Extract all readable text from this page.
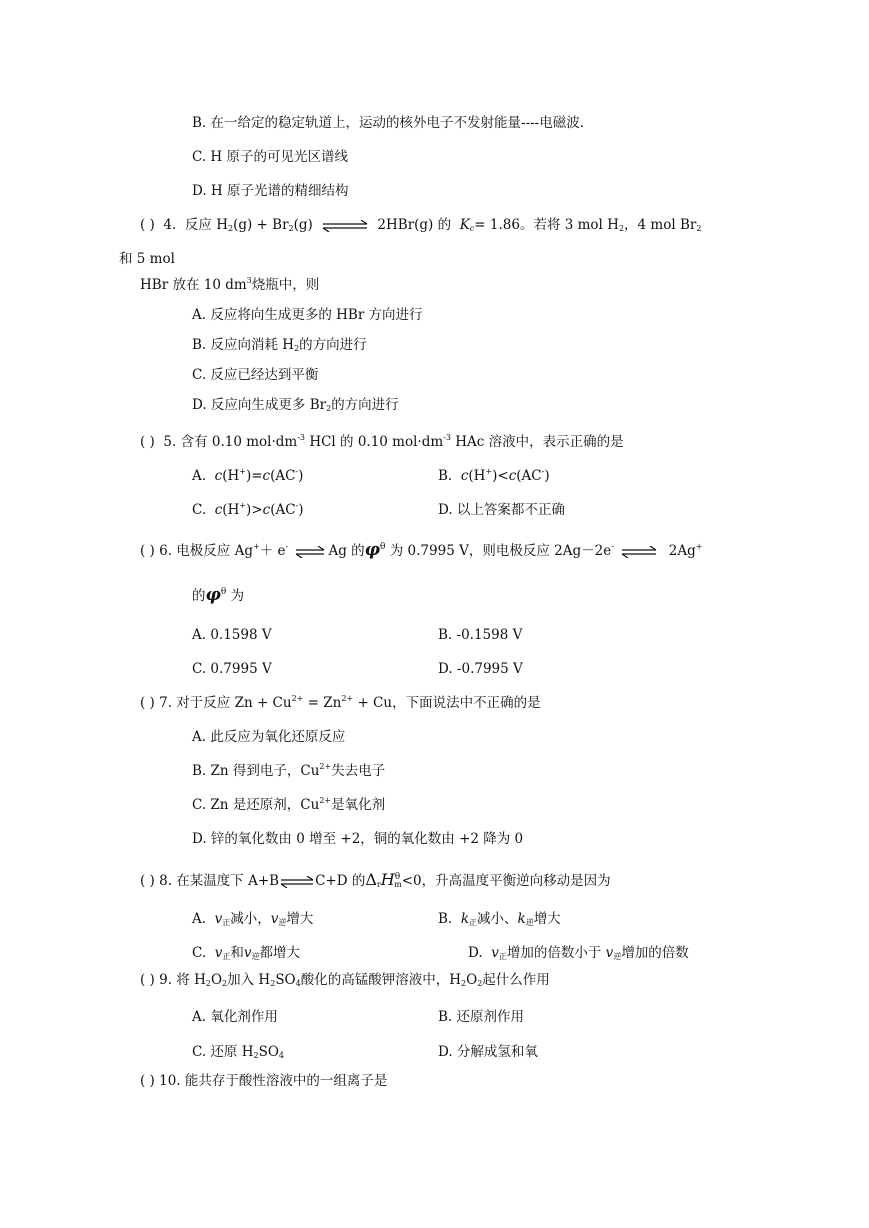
B. 在一给定的稳定轨道上，运动的核外电子不发射能量----电磁波.
C. H 原子的可见光区谱线
D. H 原子光谱的精细结构
( ) 4. 反应 $H_2(g) + Br_2(g)$	2HBr(g) 的 $K_c= 1.86$。若将 3 mol $H_2$，4 mol $Br_2$
和 5 mol
HBr 放在 10 $dm^3$烧瓶中，则
A. 反应将向生成更多的 HBr 方向进行
B. 反应向消耗 $H_2$的方向进行
C. 反应已经达到平衡
D. 反应向生成更多 $Br_2$的方向进行
( ) 5. 含有 0.10 $mol\cdot dm^{-3}$ HCl 的 0.10 $mol\cdot dm^{-3}$ HAc 溶液中，表示正确的是
A. c(H+)=c(AC-)	B. c(H+)<c(AC-)
C. c(H+)>c(AC-)	D. 以上答案都不正确
( ) 6. 电极反应 Ag+＋ e- ⇌Ag 的$\varphi^\theta$ 为 0.7995 V，则电极反应 2Ag－2e- ⇌ 2Ag+
的$\varphi^\theta$ 为
A. 0.1598 V	B. -0.1598 V
C. 0.7995 V	D. -0.7995 V
( ) 7. 对于反应 $Zn + Cu^{2+} = Zn^{2+} + Cu$，下面说法中不正确的是
A. 此反应为氧化还原反应
B. Zn 得到电子，$Cu^{2+}$失去电子
C. Zn 是还原剂，$Cu^{2+}$是氧化剂
D. 锌的氧化数由 0 增至 +2，铜的氧化数由 +2 降为 0
( ) 8. 在某温度下 A+B⇌C+D 的$\Delta_rH^\theta_m<0$，升高温度平衡逆向移动是因为
A. $v_正$减小，$v_逆$增大	B. $k_正$减小、$k_逆$增大
C. $v_正$和$v_逆$都增大	D. $v_正$增加的倍数小于 $v_逆$增加的倍数
( ) 9. 将 $H_2O_2$加入 $H_2SO_4$酸化的高锰酸钾溶液中，$H_2O_2$起什么作用
A. 氧化剂作用	B. 还原剂作用
C. 还原 $H_2SO_4$	D. 分解成氢和氧
( ) 10. 能共存于酸性溶液中的一组离子是
